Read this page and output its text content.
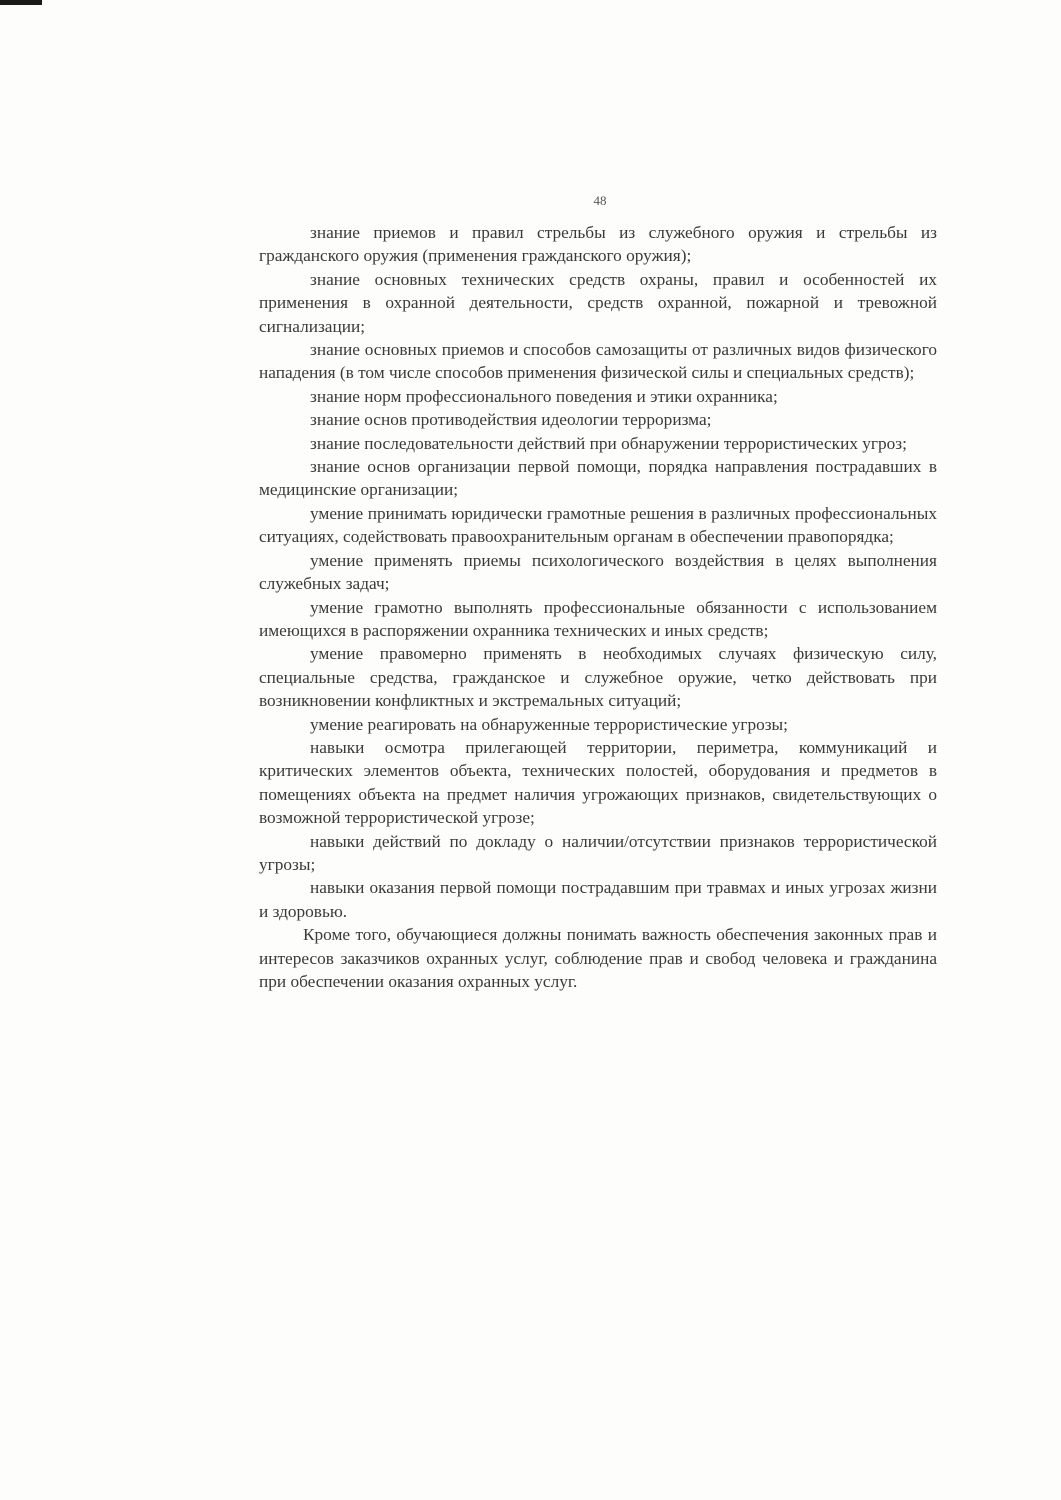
48

знание приемов и правил стрельбы из служебного оружия и стрельбы из гражданского оружия (применения гражданского оружия);

знание основных технических средств охраны, правил и особенностей их применения в охранной деятельности, средств охранной, пожарной и тревожной сигнализации;

знание основных приемов и способов самозащиты от различных видов физического нападения (в том числе способов применения физической силы и специальных средств);

знание норм профессионального поведения и этики охранника;

знание основ противодействия идеологии терроризма;

знание последовательности действий при обнаружении террористических угроз;

знание основ организации первой помощи, порядка направления пострадавших в медицинские организации;

умение принимать юридически грамотные решения в различных профессиональных ситуациях, содействовать правоохранительным органам в обеспечении правопорядка;

умение применять приемы психологического воздействия в целях выполнения служебных задач;

умение грамотно выполнять профессиональные обязанности с использованием имеющихся в распоряжении охранника технических и иных средств;

умение правомерно применять в необходимых случаях физическую силу, специальные средства, гражданское и служебное оружие, четко действовать при возникновении конфликтных и экстремальных ситуаций;

умение реагировать на обнаруженные террористические угрозы;

навыки осмотра прилегающей территории, периметра, коммуникаций и критических элементов объекта, технических полостей, оборудования и предметов в помещениях объекта на предмет наличия угрожающих признаков, свидетельствующих о возможной террористической угрозе;

навыки действий по докладу о наличии/отсутствии признаков террористической угрозы;

навыки оказания первой помощи пострадавшим при травмах и иных угрозах жизни и здоровью.

Кроме того, обучающиеся должны понимать важность обеспечения законных прав и интересов заказчиков охранных услуг, соблюдение прав и свобод человека и гражданина при обеспечении оказания охранных услуг.
